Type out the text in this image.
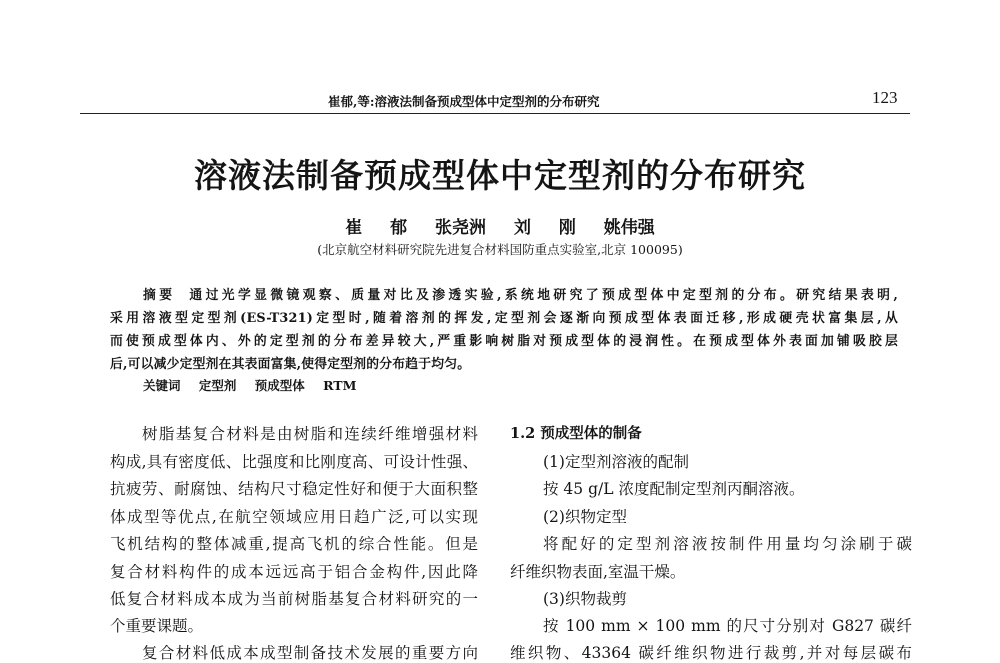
崔郁,等:溶液法制备预成型体中定型剂的分布研究	123
溶液法制备预成型体中定型剂的分布研究
崔 郁 张尧洲 刘 刚 姚伟强
(北京航空材料研究院先进复合材料国防重点实验室,北京 100095)
摘要 通过光学显微镜观察、质量对比及渗透实验,系统地研究了预成型体中定型剂的分布。研究结果表明,
采用溶液型定型剂(ES-T321)定型时,随着溶剂的挥发,定型剂会逐渐向预成型体表面迁移,形成硬壳状富集层,从
而使预成型体内、外的定型剂的分布差异较大,严重影响树脂对预成型体的浸润性。在预成型体外表面加铺吸胶层
后,可以减少定型剂在其表面富集,使得定型剂的分布趋于均匀。
关键词 定型剂 预成型体 RTM
树脂基复合材料是由树脂和连续纤维增强材料
构成,具有密度低、比强度和比刚度高、可设计性强、
抗疲劳、耐腐蚀、结构尺寸稳定性好和便于大面积整
体成型等优点,在航空领域应用日趋广泛,可以实现
飞机结构的整体减重,提高飞机的综合性能。但是
复合材料构件的成本远远高于铝合金构件,因此降
低复合材料成本成为当前树脂基复合材料研究的一
个重要课题。
复合材料低成本成型制备技术发展的重要方向
1.2 预成型体的制备
(1)定型剂溶液的配制
按 45 g/L 浓度配制定型剂丙酮溶液。
(2)织物定型
将配好的定型剂溶液按制件用量均匀涂刷于碳
纤维织物表面,室温干燥。
(3)织物裁剪
按 100 mm × 100 mm 的尺寸分别对 G827 碳纤
维织物、43364 碳纤维织物进行裁剪,并对每层碳布
